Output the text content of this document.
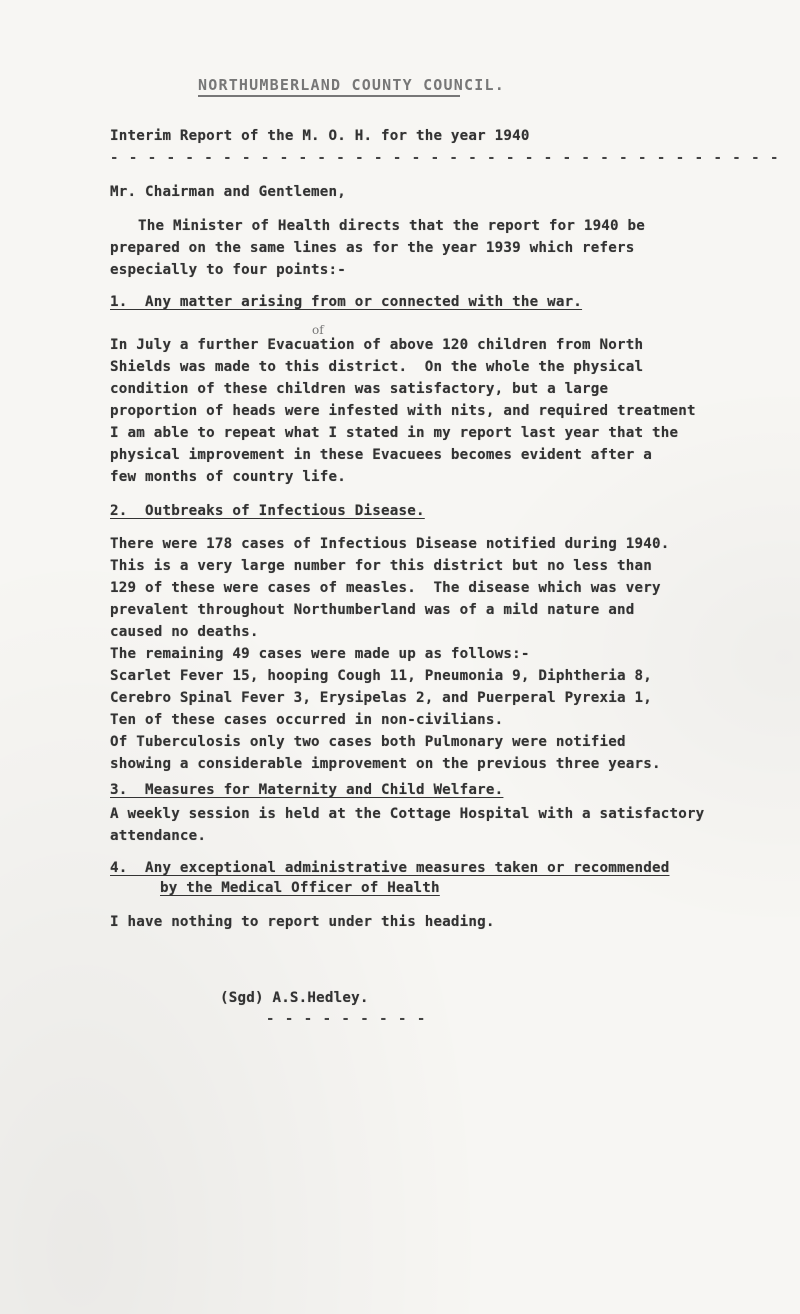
NORTHUMBERLAND COUNTY COUNCIL.
Interim Report of the M. O. H. for the year 1940
- - - - - - - - - - - - - - - - - - - - - - - - - - - - - - - - - - - -
Mr. Chairman and Gentlemen,
The Minister of Health directs that the report for 1940 be
prepared on the same lines as for the year 1939 which refers
especially to four points:-
1.  Any matter arising from or connected with the war.
of
In July a further Evacuation of above 120 children from North
Shields was made to this district.  On the whole the physical
condition of these children was satisfactory, but a large
proportion of heads were infested with nits, and required treatment
I am able to repeat what I stated in my report last year that the
physical improvement in these Evacuees becomes evident after a
few months of country life.
2.  Outbreaks of Infectious Disease.
There were 178 cases of Infectious Disease notified during 1940.
This is a very large number for this district but no less than
129 of these were cases of measles.  The disease which was very
prevalent throughout Northumberland was of a mild nature and
caused no deaths.
The remaining 49 cases were made up as follows:-
Scarlet Fever 15, hooping Cough 11, Pneumonia 9, Diphtheria 8,
Cerebro Spinal Fever 3, Erysipelas 2, and Puerperal Pyrexia 1,
Ten of these cases occurred in non-civilians.
Of Tuberculosis only two cases both Pulmonary were notified
showing a considerable improvement on the previous three years.
3.  Measures for Maternity and Child Welfare.
A weekly session is held at the Cottage Hospital with a satisfactory
attendance.
4.  Any exceptional administrative measures taken or recommended
by the Medical Officer of Health
I have nothing to report under this heading.
(Sgd) A.S.Hedley.
- - - - - - - - -
